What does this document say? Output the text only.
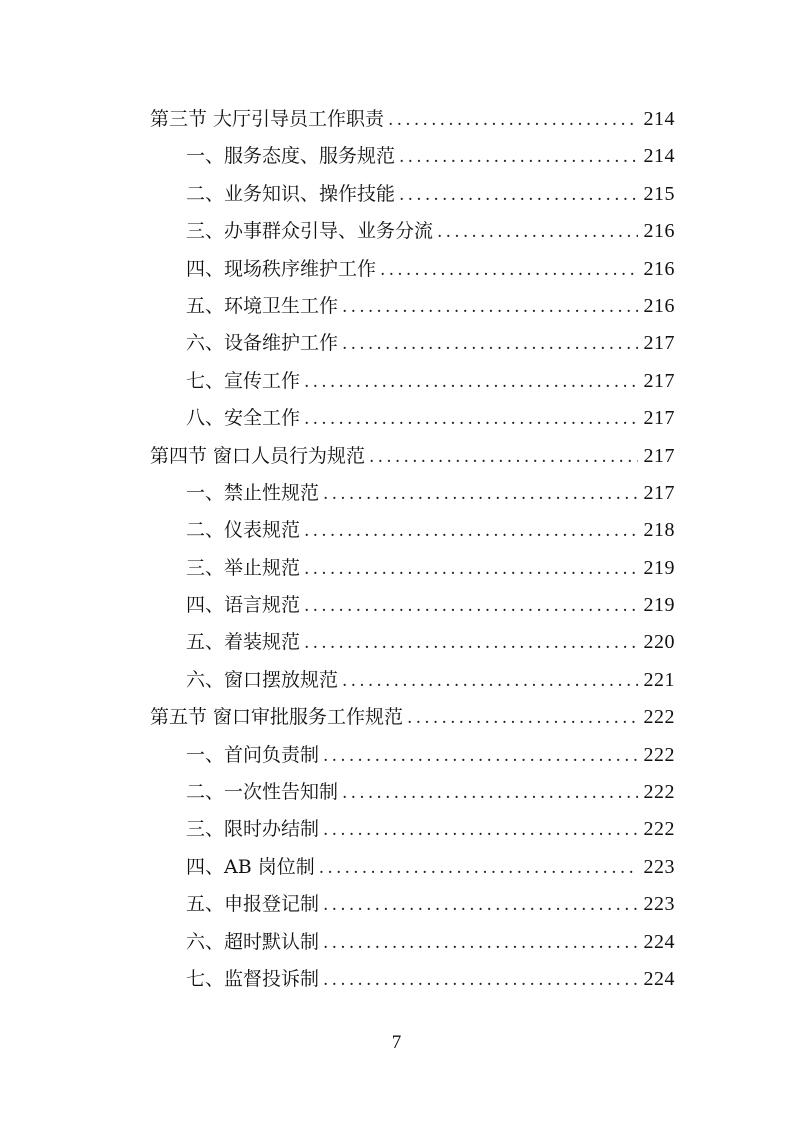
第三节 大厅引导员工作职责 .....	214
一、服务态度、服务规范 .....	214
二、业务知识、操作技能 .....	215
三、办事群众引导、业务分流 .....	216
四、现场秩序维护工作 .....	216
五、环境卫生工作 .....	216
六、设备维护工作 .....	217
七、宣传工作 .....	217
八、安全工作 .....	217
第四节 窗口人员行为规范 .....	217
一、禁止性规范 .....	217
二、仪表规范 .....	218
三、举止规范 .....	219
四、语言规范 .....	219
五、着装规范 .....	220
六、窗口摆放规范 .....	221
第五节 窗口审批服务工作规范 .....	222
一、首问负责制 .....	222
二、一次性告知制 .....	222
三、限时办结制 .....	222
四、AB 岗位制 .....	223
五、申报登记制 .....	223
六、超时默认制 .....	224
七、监督投诉制 .....	224
7
